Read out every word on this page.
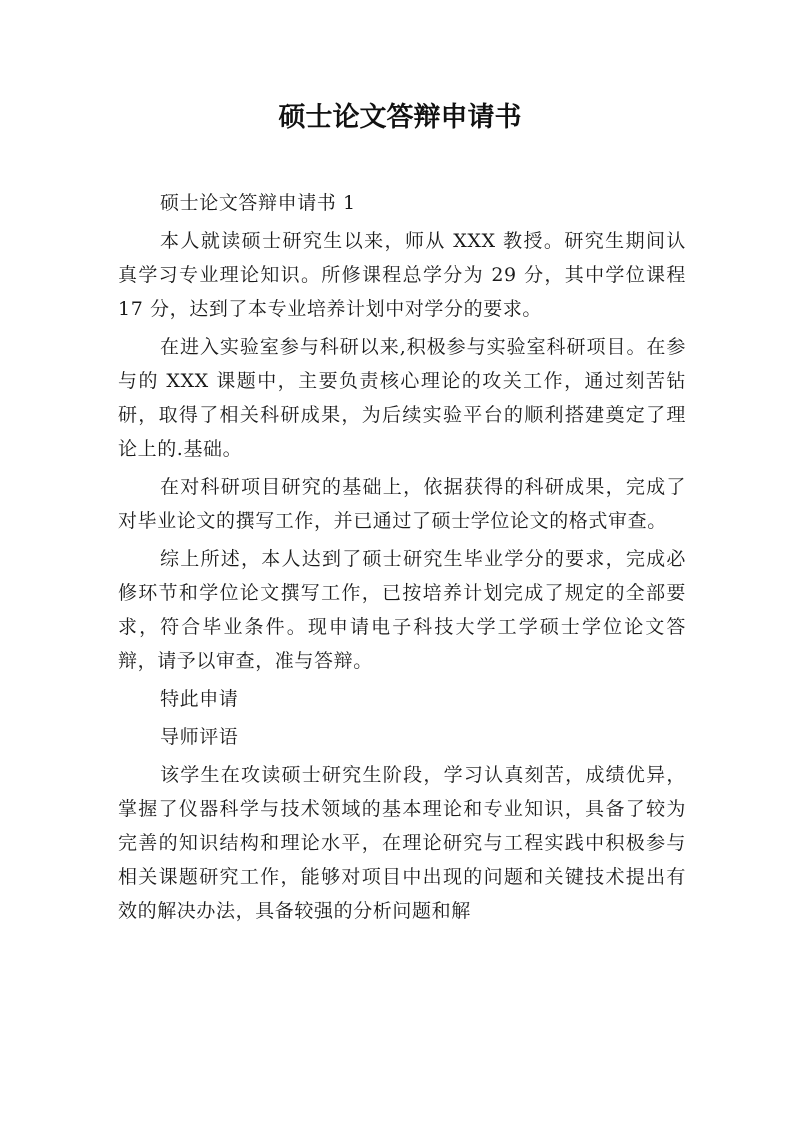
硕士论文答辩申请书

硕士论文答辩申请书 1

本人就读硕士研究生以来，师从 XXX 教授。研究生期间认真学习专业理论知识。所修课程总学分为 29 分，其中学位课程 17 分，达到了本专业培养计划中对学分的要求。

在进入实验室参与科研以来,积极参与实验室科研项目。在参与的 XXX 课题中，主要负责核心理论的攻关工作，通过刻苦钻研，取得了相关科研成果，为后续实验平台的顺利搭建奠定了理论上的.基础。

在对科研项目研究的基础上，依据获得的科研成果，完成了对毕业论文的撰写工作，并已通过了硕士学位论文的格式审查。

综上所述，本人达到了硕士研究生毕业学分的要求，完成必修环节和学位论文撰写工作，已按培养计划完成了规定的全部要求，符合毕业条件。现申请电子科技大学工学硕士学位论文答辩，请予以审查，准与答辩。

特此申请

导师评语

该学生在攻读硕士研究生阶段，学习认真刻苦，成绩优异，掌握了仪器科学与技术领域的基本理论和专业知识，具备了较为完善的知识结构和理论水平，在理论研究与工程实践中积极参与相关课题研究工作，能够对项目中出现的问题和关键技术提出有效的解决办法，具备较强的分析问题和解
